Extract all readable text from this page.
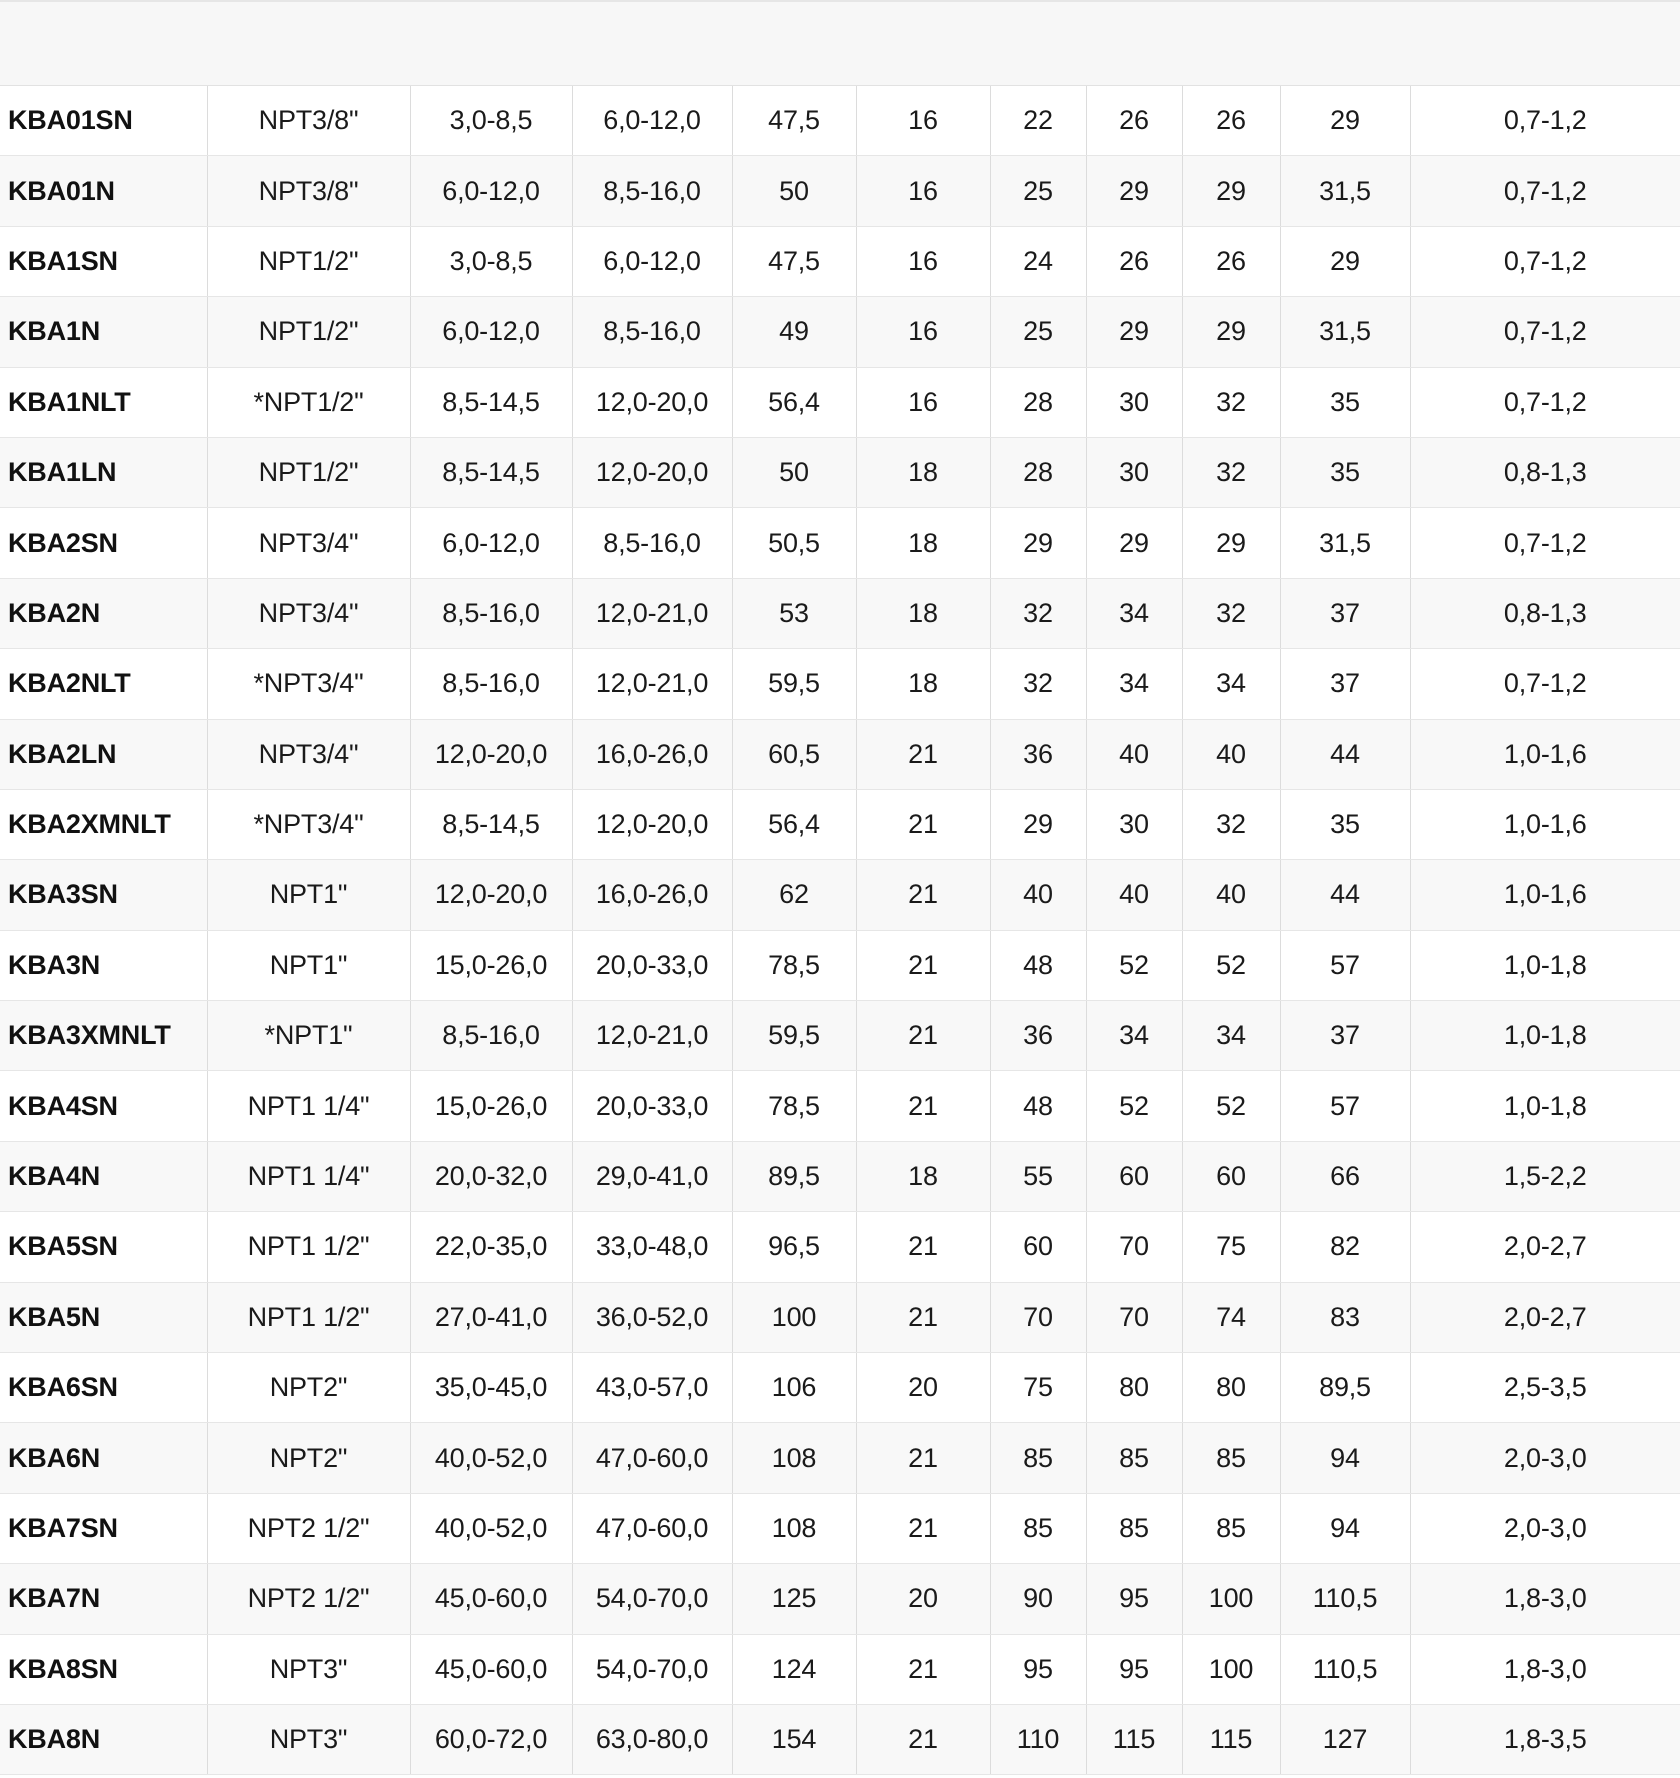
KBA01SN	NPT3/8"	3,0-8,5	6,0-12,0	47,5	16	22	26	26	29	0,7-1,2
KBA01N	NPT3/8"	6,0-12,0	8,5-16,0	50	16	25	29	29	31,5	0,7-1,2
KBA1SN	NPT1/2"	3,0-8,5	6,0-12,0	47,5	16	24	26	26	29	0,7-1,2
KBA1N	NPT1/2"	6,0-12,0	8,5-16,0	49	16	25	29	29	31,5	0,7-1,2
KBA1NLT	*NPT1/2"	8,5-14,5	12,0-20,0	56,4	16	28	30	32	35	0,7-1,2
KBA1LN	NPT1/2"	8,5-14,5	12,0-20,0	50	18	28	30	32	35	0,8-1,3
KBA2SN	NPT3/4"	6,0-12,0	8,5-16,0	50,5	18	29	29	29	31,5	0,7-1,2
KBA2N	NPT3/4"	8,5-16,0	12,0-21,0	53	18	32	34	32	37	0,8-1,3
KBA2NLT	*NPT3/4"	8,5-16,0	12,0-21,0	59,5	18	32	34	34	37	0,7-1,2
KBA2LN	NPT3/4"	12,0-20,0	16,0-26,0	60,5	21	36	40	40	44	1,0-1,6
KBA2XMNLT	*NPT3/4"	8,5-14,5	12,0-20,0	56,4	21	29	30	32	35	1,0-1,6
KBA3SN	NPT1"	12,0-20,0	16,0-26,0	62	21	40	40	40	44	1,0-1,6
KBA3N	NPT1"	15,0-26,0	20,0-33,0	78,5	21	48	52	52	57	1,0-1,8
KBA3XMNLT	*NPT1"	8,5-16,0	12,0-21,0	59,5	21	36	34	34	37	1,0-1,8
KBA4SN	NPT1 1/4"	15,0-26,0	20,0-33,0	78,5	21	48	52	52	57	1,0-1,8
KBA4N	NPT1 1/4"	20,0-32,0	29,0-41,0	89,5	18	55	60	60	66	1,5-2,2
KBA5SN	NPT1 1/2"	22,0-35,0	33,0-48,0	96,5	21	60	70	75	82	2,0-2,7
KBA5N	NPT1 1/2"	27,0-41,0	36,0-52,0	100	21	70	70	74	83	2,0-2,7
KBA6SN	NPT2"	35,0-45,0	43,0-57,0	106	20	75	80	80	89,5	2,5-3,5
KBA6N	NPT2"	40,0-52,0	47,0-60,0	108	21	85	85	85	94	2,0-3,0
KBA7SN	NPT2 1/2"	40,0-52,0	47,0-60,0	108	21	85	85	85	94	2,0-3,0
KBA7N	NPT2 1/2"	45,0-60,0	54,0-70,0	125	20	90	95	100	110,5	1,8-3,0
KBA8SN	NPT3"	45,0-60,0	54,0-70,0	124	21	95	95	100	110,5	1,8-3,0
KBA8N	NPT3"	60,0-72,0	63,0-80,0	154	21	110	115	115	127	1,8-3,5
